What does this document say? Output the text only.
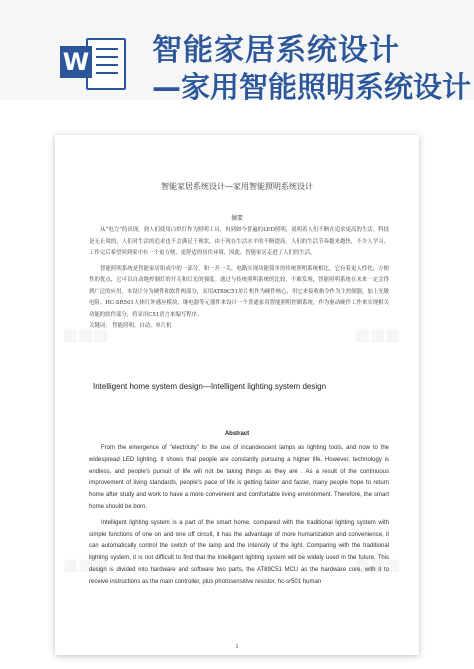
W 智能家居系统设计
—家用智能照明系统设计
▦▦▦	▦▦▦
▦▦▦	▦▦▦
智能家居系统设计—家用智能照明系统设计
摘要

从“电力”的出现，到人们使用白炽灯作为照明工具，再到如今普遍的LED照明，说明着人们不断在追求更高的生活。科技是无止境的，人们对生活的追求也不会满足于现状，由于现在生活水平的不断提高，人们的生活节奏越来越快，不少人学习、工作完后希望回到家中有一个更方便、更舒适的居住环境，因此，智能家居走进了人们的生活。

智能照明系统是智能家居组成中的一部分，和一开一关、电路实现功能简单的传统照明系统相比，它有着更人性化、方便性的优点，它可以自动地控制灯的开关和灯光的强度。通过与传统照明系统的比较，不难发现，智能照明系统在未来一定会得到广泛的应用。本设计分为硬件和软件两部分，采用AT89C51单片机作为硬件核心，用它来接收指令作为主控制器，加上光敏电阻、HC-SR501人体红外感应模块，继电器等元器件来设计一个普通家用智能照明控制系统，作为驱动硬件工作来实现相关功能的软件部分，将采用C51语言来编写程序。

关键词： 智能照明、自动、单片机

Intelligent home system design—Intelligent lighting system design
Abstract

From the emergence of "electricity" to the use of incandescent lamps as lighting tools, and now to the widespread LED lighting, it shows that people are constantly pursuing a higher life. However, technology is endless, and people's pursuit of life will not be taking things as they are . As a result of the continuous improvement of living standards, people's pace of life is getting faster and faster, many people hope to return home after study and work to have a more convenient and comfortable living environment. Therefore, the smart home should be born.

Intelligent lighting system is a part of the smart home, compared with the traditional lighting system with simple functions of one on and one off circuit, it has the advantage of more humanization and convenience, it can automatically control the switch of the lamp and the intensity of the light. Comparing with the traditional lighting system, it is not difficult to find that the intelligent lighting system will be widely used in the future. This design is divided into hardware and software two parts, the AT89C51 MCU as the hardware core, with it to receive instructions as the main controller, plus photosensitive resistor, hc-sr501 human

1
